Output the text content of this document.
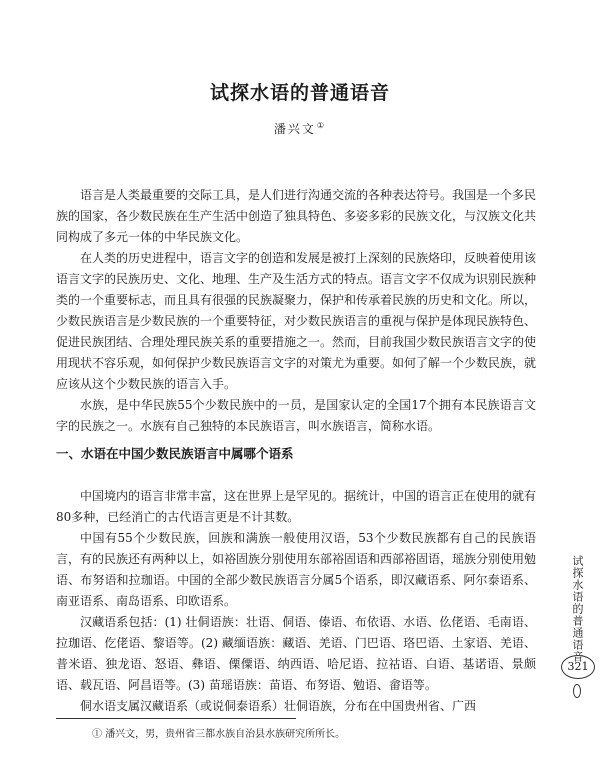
试探水语的普通语音
潘兴文①

语言是人类最重要的交际工具，是人们进行沟通交流的各种表达符号。我国是一个多民族的国家，各少数民族在生产生活中创造了独具特色、多姿多彩的民族文化，与汉族文化共同构成了多元一体的中华民族文化。

在人类的历史进程中，语言文字的创造和发展是被打上深刻的民族烙印，反映着使用该语言文字的民族历史、文化、地理、生产及生活方式的特点。语言文字不仅成为识别民族种类的一个重要标志，而且具有很强的民族凝聚力，保护和传承着民族的历史和文化。所以，少数民族语言是少数民族的一个重要特征，对少数民族语言的重视与保护是体现民族特色、促进民族团结、合理处理民族关系的重要措施之一。然而，目前我国少数民族语言文字的使用现状不容乐观，如何保护少数民族语言文字的对策尤为重要。如何了解一个少数民族，就应该从这个少数民族的语言入手。

水族，是中华民族55个少数民族中的一员，是国家认定的全国17个拥有本民族语言文字的民族之一。水族有自己独特的本民族语言，叫水族语言，简称水语。

一、水语在中国少数民族语言中属哪个语系

中国境内的语言非常丰富，这在世界上是罕见的。据统计，中国的语言正在使用的就有80多种，已经消亡的古代语言更是不计其数。

中国有55个少数民族，回族和满族一般使用汉语，53个少数民族都有自己的民族语言，有的民族还有两种以上，如裕固族分别使用东部裕固语和西部裕固语，瑶族分别使用勉语、布努语和拉珈语。中国的全部少数民族语言分属5个语系，即汉藏语系、阿尔泰语系、南亚语系、南岛语系、印欧语系。

汉藏语系包括：(1) 壮侗语族：壮语、侗语、傣语、布依语、水语、仫佬语、毛南语、拉珈语、仡佬语、黎语等。(2) 藏缅语族：藏语、羌语、门巴语、珞巴语、土家语、羌语、普米语、独龙语、怒语、彝语、傈僳语、纳西语、哈尼语、拉祜语、白语、基诺语、景颇语、载瓦语、阿昌语等。(3) 苗瑶语族：苗语、布努语、勉语、畲语等。

侗水语支属汉藏语系（或说侗泰语系）壮侗语族，分布在中国贵州省、广西

① 潘兴文，男，贵州省三都水族自治县水族研究所所长。
试探水语的普通语音
321
